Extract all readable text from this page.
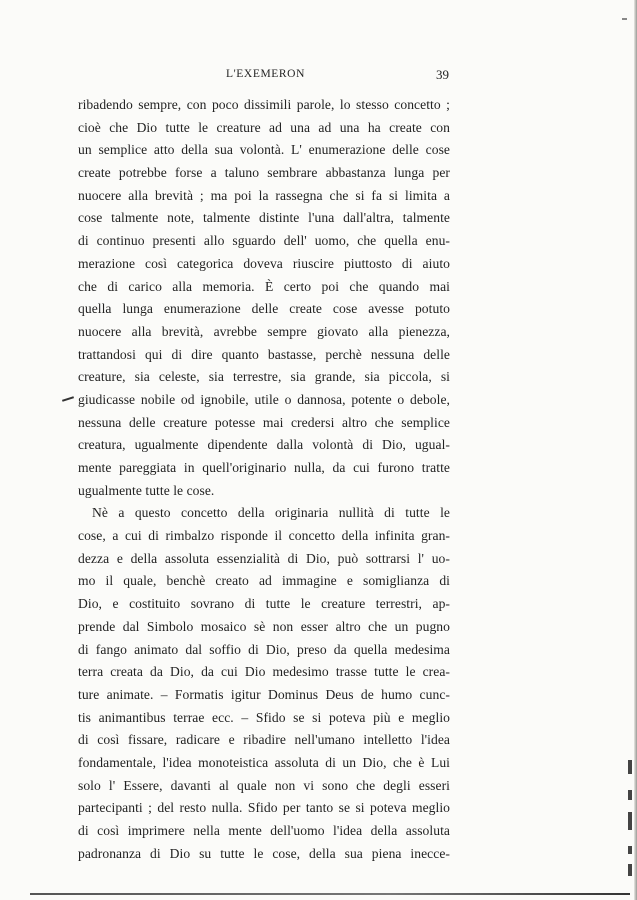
L'EXEMERON	39
ribadendo sempre, con poco dissimili parole, lo stesso concetto ;
cioè che Dio tutte le creature ad una ad una ha create con
un semplice atto della sua volontà. L' enumerazione delle cose
create potrebbe forse a taluno sembrare abbastanza lunga per
nuocere alla brevità ; ma poi la rassegna che si fa si limita a
cose talmente note, talmente distinte l'una dall'altra, talmente
di continuo presenti allo sguardo dell' uomo, che quella enu-
merazione così categorica doveva riuscire piuttosto di aiuto
che di carico alla memoria. È certo poi che quando mai
quella lunga enumerazione delle create cose avesse potuto
nuocere alla brevità, avrebbe sempre giovato alla pienezza,
trattandosi qui di dire quanto bastasse, perchè nessuna delle
creature, sia celeste, sia terrestre, sia grande, sia piccola, si
giudicasse nobile od ignobile, utile o dannosa, potente o debole,
nessuna delle creature potesse mai credersi altro che semplice
creatura, ugualmente dipendente dalla volontà di Dio, ugual-
mente pareggiata in quell'originario nulla, da cui furono tratte
ugualmente tutte le cose.
Nè a questo concetto della originaria nullità di tutte le
cose, a cui di rimbalzo risponde il concetto della infinita gran-
dezza e della assoluta essenzialità di Dio, può sottrarsi l' uo-
mo il quale, benchè creato ad immagine e somiglianza di
Dio, e costituito sovrano di tutte le creature terrestri, ap-
prende dal Simbolo mosaico sè non esser altro che un pugno
di fango animato dal soffio di Dio, preso da quella medesima
terra creata da Dio, da cui Dio medesimo trasse tutte le crea-
ture animate. – Formatis igitur Dominus Deus de humo cunc-
tis animantibus terrae ecc. – Sfido se si poteva più e meglio
di così fissare, radicare e ribadire nell'umano intelletto l'idea
fondamentale, l'idea monoteistica assoluta di un Dio, che è Lui
solo l' Essere, davanti al quale non vi sono che degli esseri
partecipanti ; del resto nulla. Sfido per tanto se si poteva meglio
di così imprimere nella mente dell'uomo l'idea della assoluta
padronanza di Dio su tutte le cose, della sua piena inecce-
